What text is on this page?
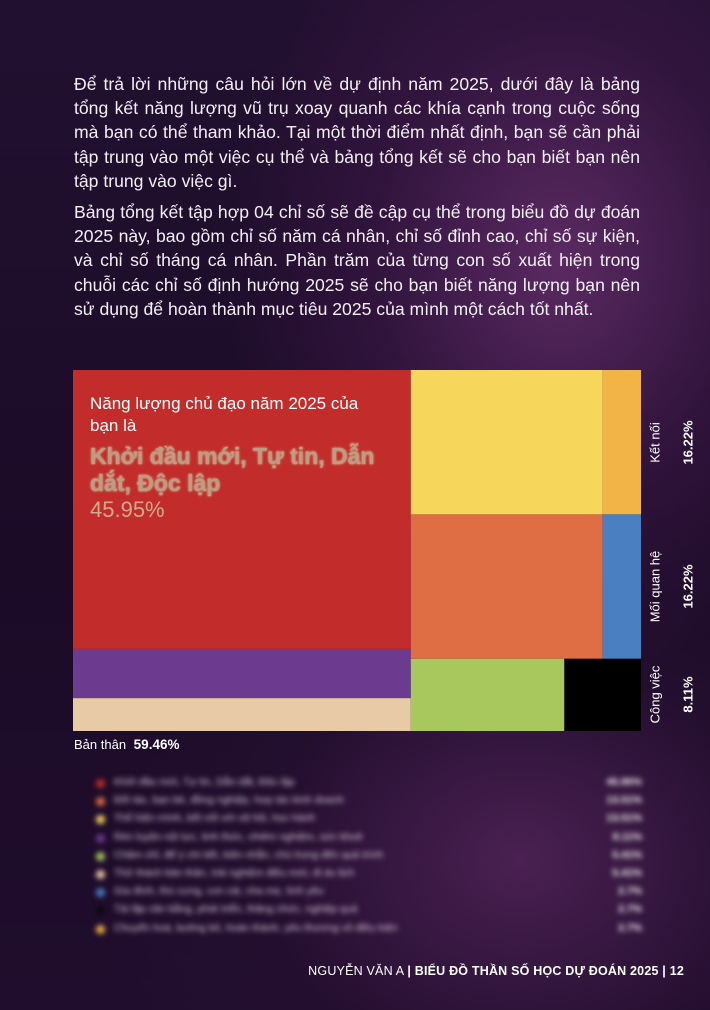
Để trả lời những câu hỏi lớn về dự định năm 2025, dưới đây là bảng tổng kết năng lượng vũ trụ xoay quanh các khía cạnh trong cuộc sống mà bạn có thể tham khảo. Tại một thời điểm nhất định, bạn sẽ cần phải tập trung vào một việc cụ thể và bảng tổng kết sẽ cho bạn biết bạn nên tập trung vào việc gì.

Bảng tổng kết tập hợp 04 chỉ số sẽ đề cập cụ thể trong biểu đồ dự đoán 2025 này, bao gồm chỉ số năm cá nhân, chỉ số đỉnh cao, chỉ số sự kiện, và chỉ số tháng cá nhân. Phần trăm của từng con số xuất hiện trong chuỗi các chỉ số định hướng 2025 sẽ cho bạn biết năng lượng bạn nên sử dụng để hoàn thành mục tiêu 2025 của mình một cách tốt nhất.

Năng lượng chủ đạo năm 2025 của bạn là
Khởi đầu mới, Tự tin, Dẫn dắt, Độc lập
45.95%
Kết nối 16.22%
Mối quan hệ 16.22%
Công việc 8.11%
Bản thân 59.46%
Khởi đầu mới, Tự tin, Dẫn dắt, Độc lập	45.95%
Đối tác, bạn bè, đồng nghiệp, hợp tác kinh doanh	13.51%
Thể hiện mình, kết nối với xã hội, học hành	13.51%
Rèn luyện nội lực, tinh thức, chiêm nghiệm, sức khoẻ	8.11%
Chăm chỉ, để ý chi tiết, kiên nhẫn, chú trọng đến quá trình	5.41%
Thử thách bản thân, trải nghiệm điều mới, đi du lịch	5.41%
Gia đình, thú cưng, con cái, cha mẹ, tình yêu	2.7%
Tái lập cân bằng, phát triển, thăng chức, nghiệp quả	2.7%
Chuyển hoá, buông bỏ, hoàn thành, yêu thương vô điều kiện	2.7%
NGUYỄN VĂN A | BIỂU ĐỒ THẦN SỐ HỌC DỰ ĐOÁN 2025 | 12
